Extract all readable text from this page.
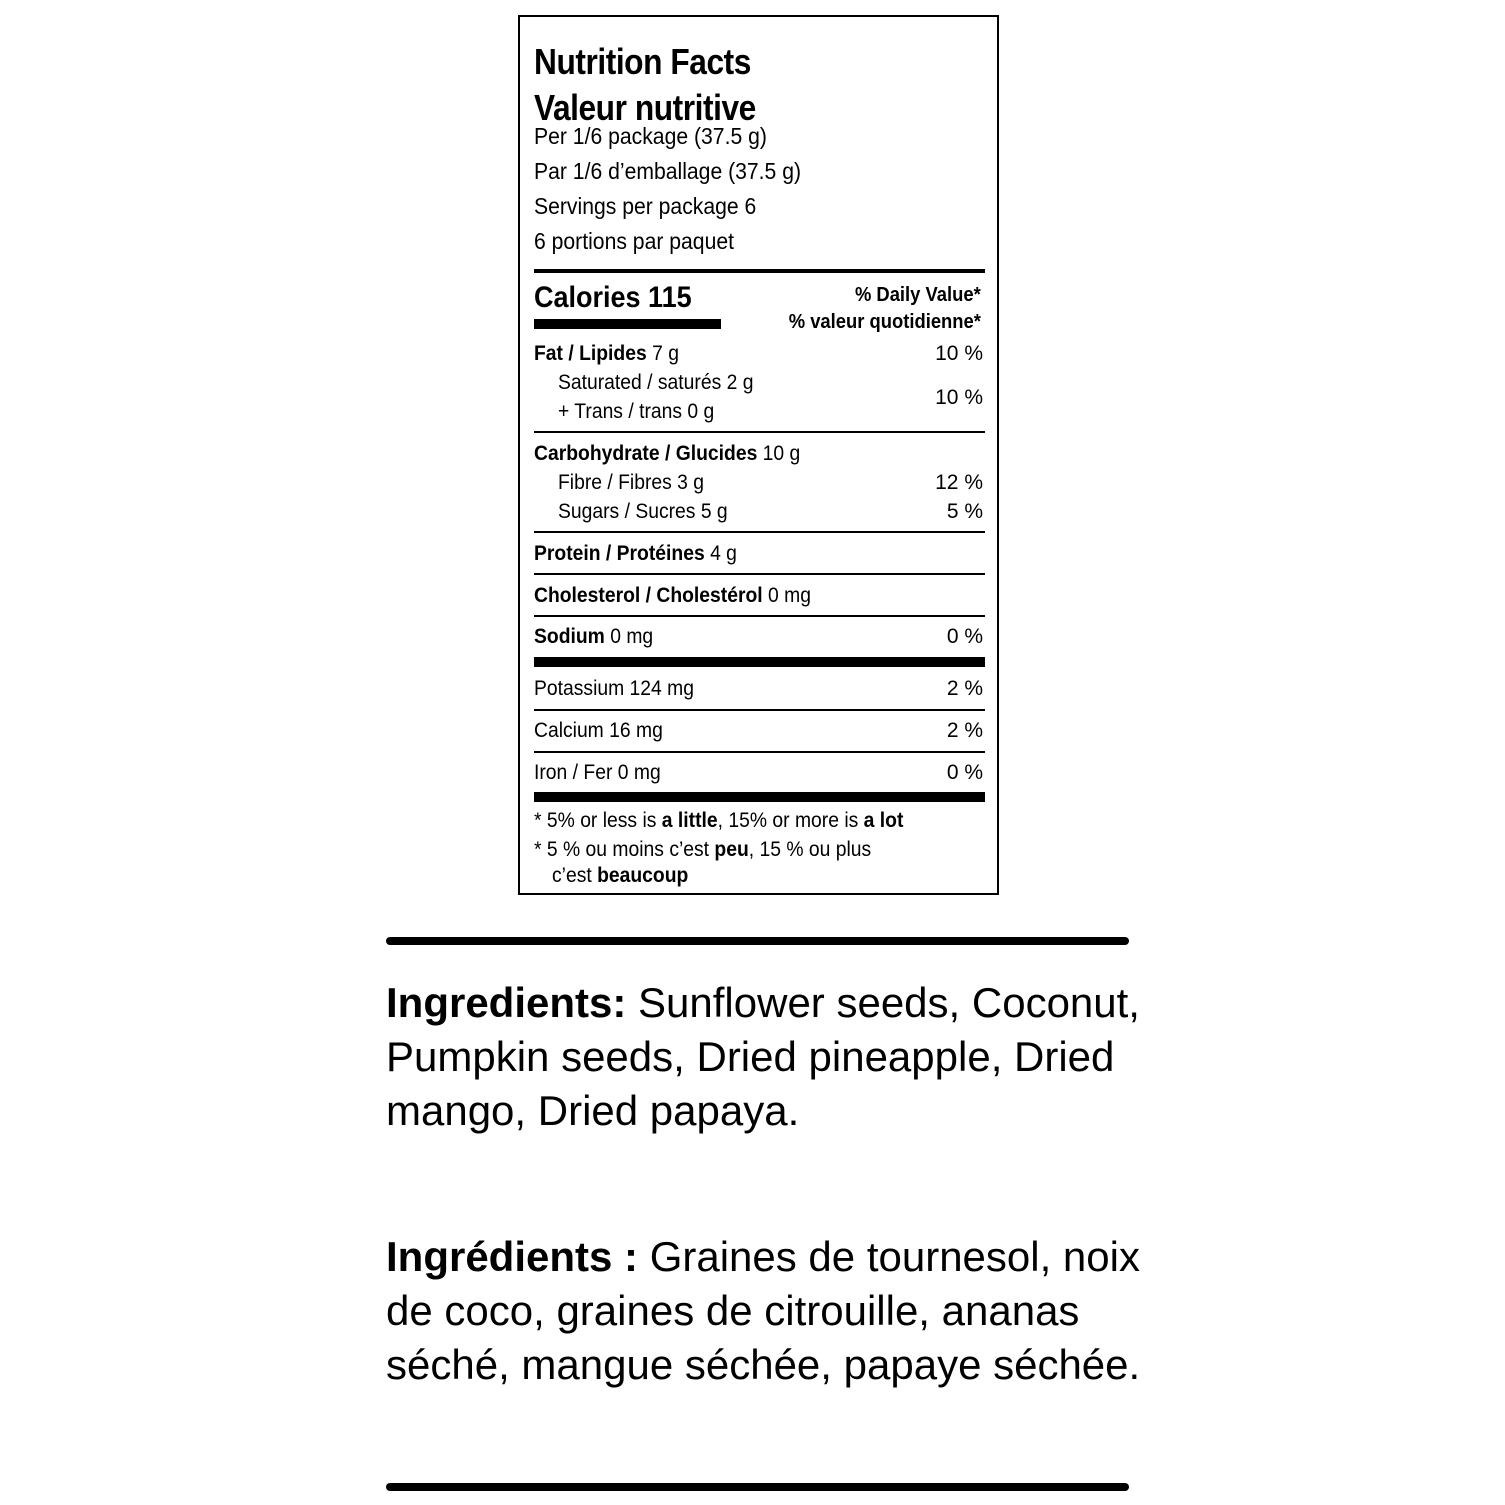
Nutrition Facts
Valeur nutritive
Per 1/6 package (37.5 g)
Par 1/6 d’emballage (37.5 g)
Servings per package 6
6 portions par paquet
Calories 115	% Daily Value*
% valeur quotidienne*
Fat / Lipides 7 g	10 %
Saturated / saturés 2 g
+ Trans / trans 0 g
10 %
Carbohydrate / Glucides 10 g
Fibre / Fibres 3 g	12 %
Sugars / Sucres 5 g	5 %
Protein / Protéines 4 g
Cholesterol / Cholestérol 0 mg
Sodium 0 mg	0 %
Potassium 124 mg	2 %
Calcium 16 mg	2 %
Iron / Fer 0 mg	0 %
* 5% or less is a little, 15% or more is a lot
* 5 % ou moins c’est peu, 15 % ou plus
c’est beaucoup
Ingredients: Sunflower seeds, Coconut, Pumpkin seeds, Dried pineapple, Dried mango, Dried papaya.
Ingrédients : Graines de tournesol, noix de coco, graines de citrouille, ananas séché, mangue séchée, papaye séchée.
